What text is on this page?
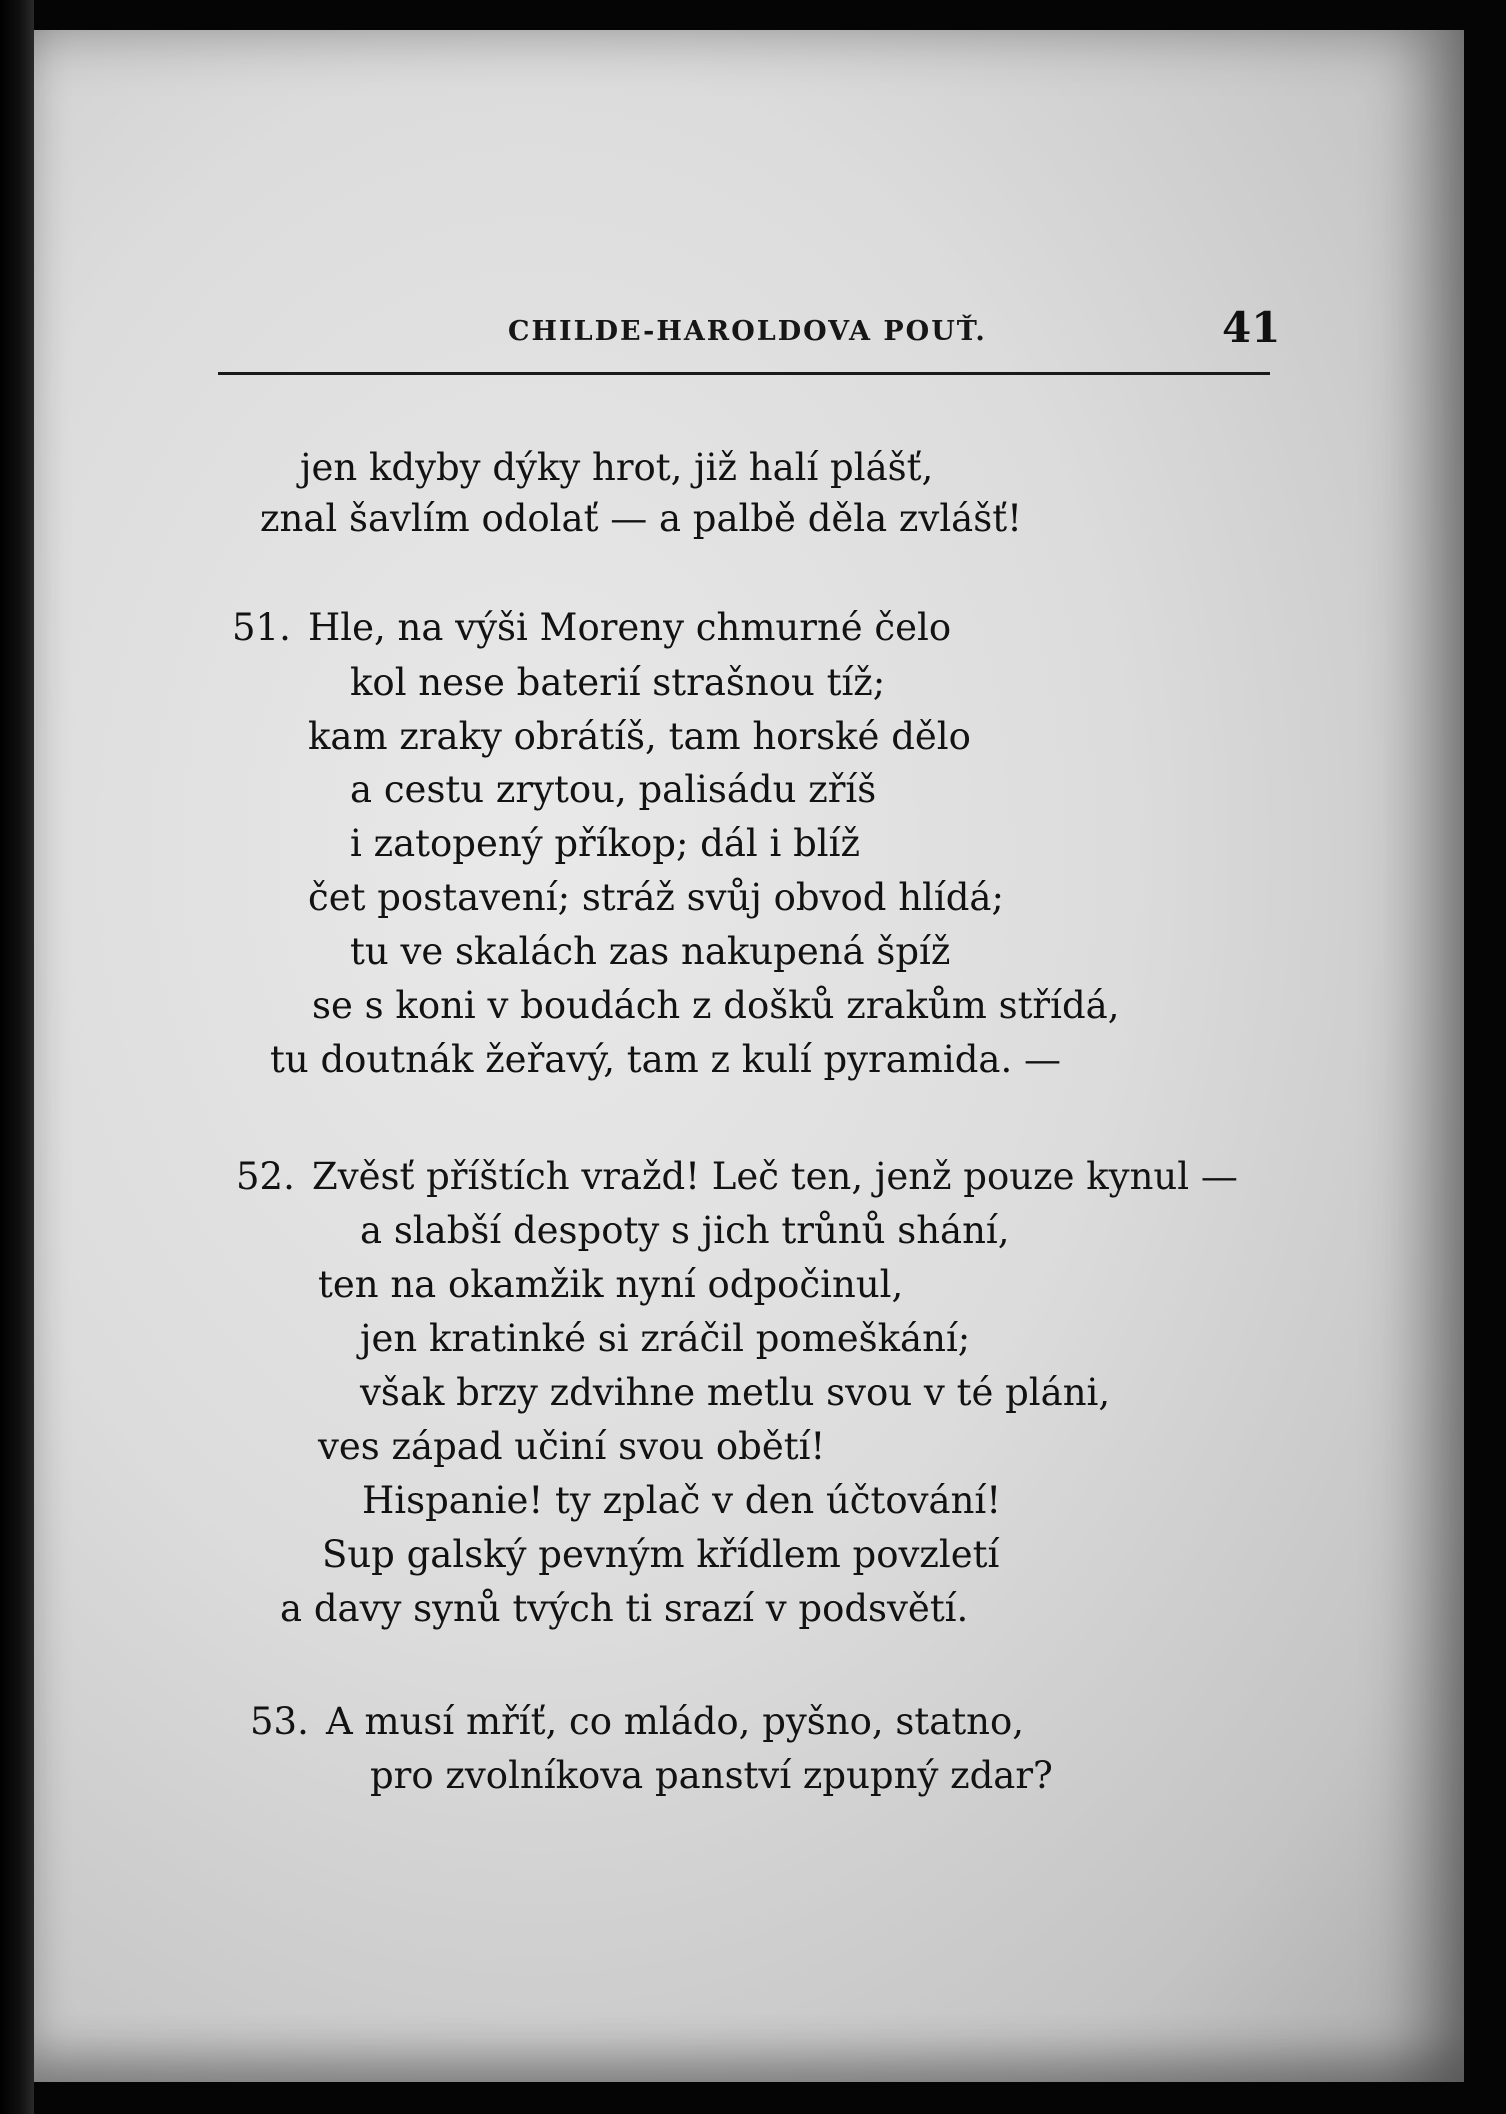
CHILDE-HAROLDOVA POUŤ.	41
jen kdyby dýky hrot, již halí plášť,
znal šavlím odolať — a palbě děla zvlášť!
51. Hle, na výši Moreny chmurné čelo
kol nese baterií strašnou tíž;
kam zraky obrátíš, tam horské dělo
a cestu zrytou, palisádu zříš
i zatopený příkop; dál i blíž
čet postavení; stráž svůj obvod hlídá;
tu ve skalách zas nakupená špíž
se s koni v boudách z došků zrakům střídá,
tu doutnák žeřavý, tam z kulí pyramida. —
52. Zvěsť příštích vražd! Leč ten, jenž pouze kynul —
a slabší despoty s jich trůnů shání,
ten na okamžik nyní odpočinul,
jen kratinké si zráčil pomeškání;
však brzy zdvihne metlu svou v té pláni,
ves západ učiní svou obětí!
Hispanie! ty zplač v den účtování!
Sup galský pevným křídlem povzletí
a davy synů tvých ti srazí v podsvětí.
53. A musí mříť, co mládo, pyšno, statno,
pro zvolníkova panství zpupný zdar?
